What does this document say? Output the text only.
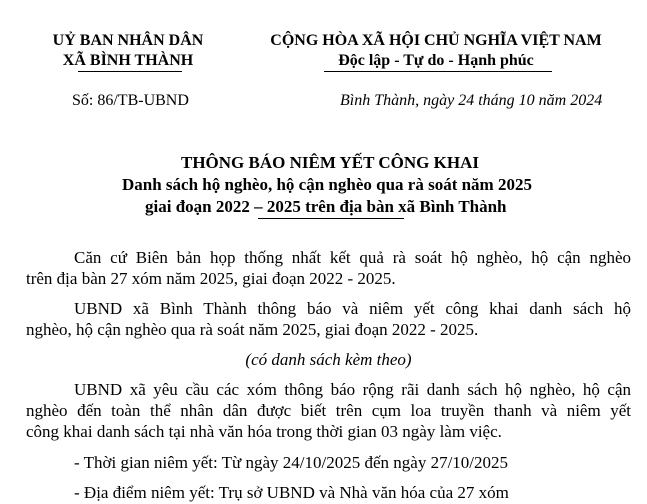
UỶ BAN NHÂN DÂN
XÃ BÌNH THÀNH
CỘNG HÒA XÃ HỘI CHỦ NGHĨA VIỆT NAM
Độc lập - Tự do - Hạnh phúc
Số: 86/TB-UBND	Bình Thành, ngày 24 tháng 10 năm 2024
THÔNG BÁO NIÊM YẾT CÔNG KHAI
Danh sách hộ nghèo, hộ cận nghèo qua rà soát năm 2025
giai đoạn 2022 – 2025 trên địa bàn xã Bình Thành
Căn cứ Biên bản họp thống nhất kết quả rà soát hộ nghèo, hộ cận nghèo
trên địa bàn 27 xóm năm 2025, giai đoạn 2022 - 2025.
UBND xã Bình Thành thông báo và niêm yết công khai danh sách hộ
nghèo, hộ cận nghèo qua rà soát năm 2025, giai đoạn 2022 - 2025.
(có danh sách kèm theo)
UBND xã yêu cầu các xóm thông báo rộng rãi danh sách hộ nghèo, hộ cận
nghèo đến toàn thể nhân dân được biết trên cụm loa truyền thanh và niêm yết
công khai danh sách tại nhà văn hóa trong thời gian 03 ngày làm việc.
- Thời gian niêm yết: Từ ngày 24/10/2025 đến ngày 27/10/2025
- Địa điểm niêm yết: Trụ sở UBND và Nhà văn hóa của 27 xóm
